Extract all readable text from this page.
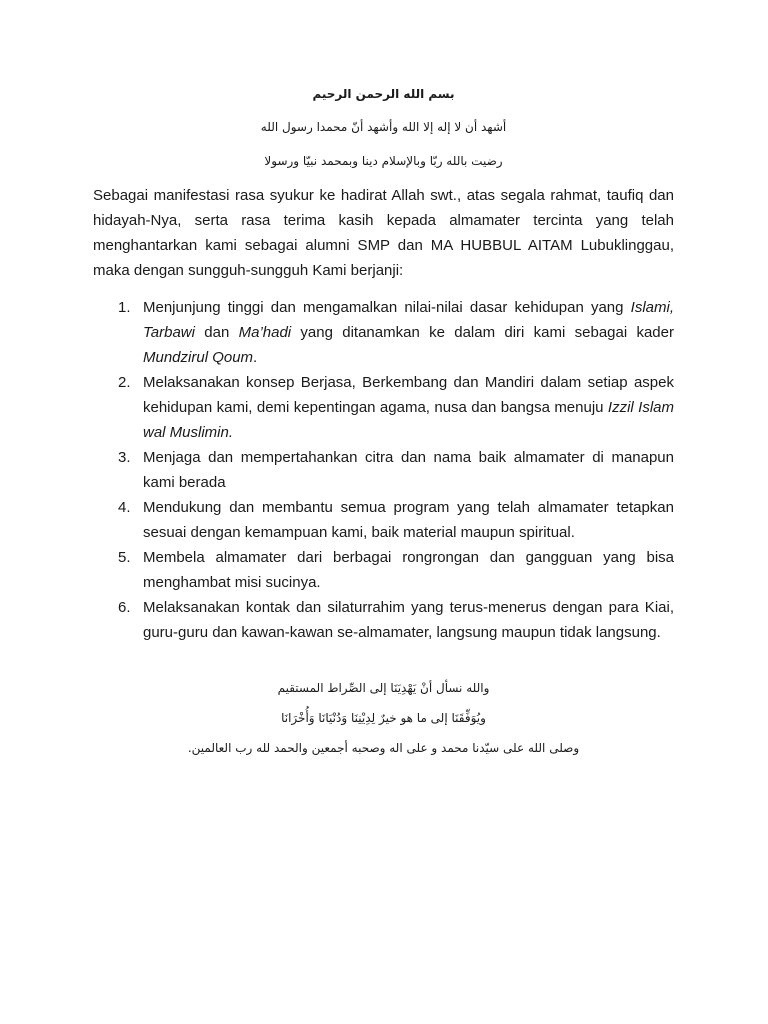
بسم الله الرحمن الرحيم

أشهد أن لا إله إلا الله وأشهد أنّ محمدا رسول الله

رضيت بالله ربّا وبالإسلام دينا وبمحمد نبيّا ورسولا

Sebagai manifestasi rasa syukur ke hadirat Allah swt., atas segala rahmat, taufiq dan hidayah-Nya, serta rasa terima kasih kepada almamater tercinta yang telah menghantarkan kami sebagai alumni SMP dan MA HUBBUL AITAM Lubuklinggau, maka dengan sungguh-sungguh Kami berjanji:

1. Menjunjung tinggi dan mengamalkan nilai-nilai dasar kehidupan yang Islami, Tarbawi dan Ma’hadi yang ditanamkan ke dalam diri kami sebagai kader Mundzirul Qoum.
2. Melaksanakan konsep Berjasa, Berkembang dan Mandiri dalam setiap aspek kehidupan kami, demi kepentingan agama, nusa dan bangsa menuju Izzil Islam wal Muslimin.
3. Menjaga dan mempertahankan citra dan nama baik almamater di manapun kami berada
4. Mendukung dan membantu semua program yang telah almamater tetapkan sesuai dengan kemampuan kami, baik material maupun spiritual.
5. Membela almamater dari berbagai rongrongan dan gangguan yang bisa menghambat misi sucinya.
6. Melaksanakan kontak dan silaturrahim yang terus-menerus dengan para Kiai, guru-guru dan kawan-kawan se-almamater, langsung maupun tidak langsung.

والله نسأل أنْ يَهْدِيَنَا إلى الصِّراط المستقيم

ويُوَفِّقَنَا إلى ما هو خيرٌ لِدِيْنِنَا وَدُنْيَانَا وَأُخْرَانَا

وصلى الله على سيّدنا محمد و على اله وصحبه أجمعين والحمد لله رب العالمين.
